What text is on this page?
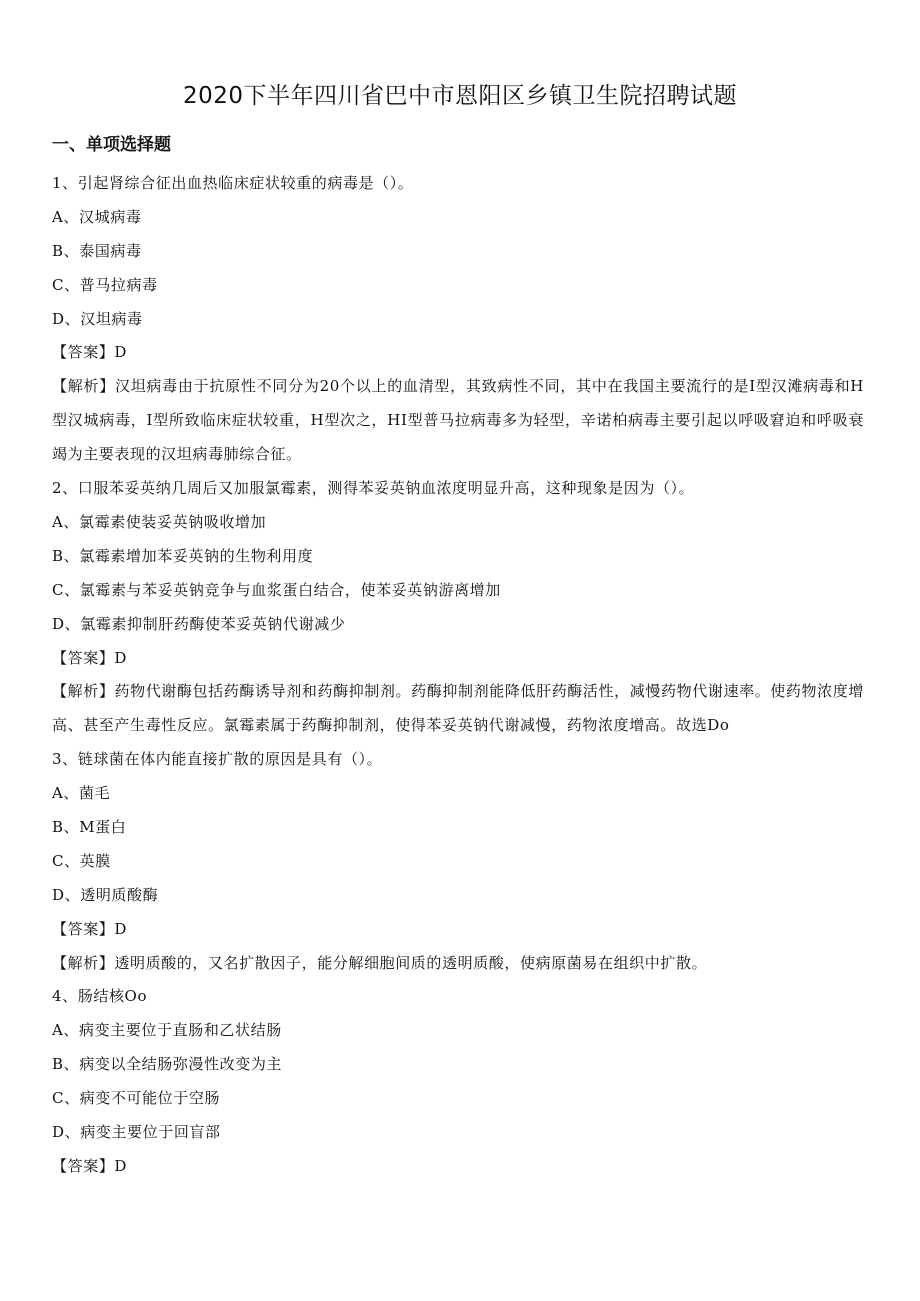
2020下半年四川省巴中市恩阳区乡镇卫生院招聘试题
一、单项选择题
1、引起肾综合征出血热临床症状较重的病毒是（）。
A、汉城病毒
B、泰国病毒
C、普马拉病毒
D、汉坦病毒
【答案】D
【解析】汉坦病毒由于抗原性不同分为20个以上的血清型，其致病性不同，其中在我国主要流行的是I型汉滩病毒和H型汉城病毒，I型所致临床症状较重，H型次之，HI型普马拉病毒多为轻型，辛诺柏病毒主要引起以呼吸窘迫和呼吸衰竭为主要表现的汉坦病毒肺综合征。
2、口服苯妥英纳几周后又加服氯霉素，测得苯妥英钠血浓度明显升高，这种现象是因为（）。
A、氯霉素使装妥英钠吸收增加
B、氯霉素增加苯妥英钠的生物利用度
C、氯霉素与苯妥英钠竞争与血浆蛋白结合，使苯妥英钠游离增加
D、氯霉素抑制肝药酶使苯妥英钠代谢减少
【答案】D
【解析】药物代谢酶包括药酶诱导剂和药酶抑制剂。药酶抑制剂能降低肝药酶活性，减慢药物代谢速率。使药物浓度增高、甚至产生毒性反应。氯霉素属于药酶抑制剂，使得苯妥英钠代谢减慢，药物浓度增高。故选Do
3、链球菌在体内能直接扩散的原因是具有（）。
A、菌毛
B、M蛋白
C、英膜
D、透明质酸酶
【答案】D
【解析】透明质酸的，又名扩散因子，能分解细胞间质的透明质酸，使病原菌易在组织中扩散。
4、肠结核Oo
A、病变主要位于直肠和乙状结肠
B、病变以全结肠弥漫性改变为主
C、病变不可能位于空肠
D、病变主要位于回盲部
【答案】D
